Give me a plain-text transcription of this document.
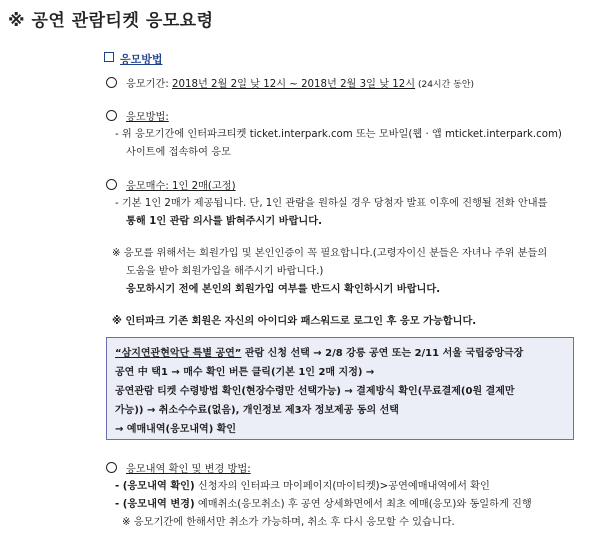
※ 공연 관람티켓 응모요령
응모방법
응모기간: 2018년 2월 2일 낮 12시 ~ 2018년 2월 3일 낮 12시 (24시간 동안)
응모방법:
- 위 응모기간에 인터파크티켓 ticket.interpark.com 또는 모바일(웹 · 앱 mticket.interpark.com)
사이트에 접속하여 응모
응모매수: 1인 2매(고정)
- 기본 1인 2매가 제공됩니다. 단, 1인 관람을 원하실 경우 당첨자 발표 이후에 진행될 전화 안내를
통해 1인 관람 의사를 밝혀주시기 바랍니다.
※ 응모를 위해서는 회원가입 및 본인인증이 꼭 필요합니다.(고령자이신 분들은 자녀나 주위 분들의
도움을 받아 회원가입을 해주시기 바랍니다.)
응모하시기 전에 본인의 회원가입 여부를 반드시 확인하시기 바랍니다.
※ 인터파크 기존 회원은 자신의 아이디와 패스워드로 로그인 후 응모 가능합니다.
“삼지연관현악단 특별 공연” 관람 신청 선택 → 2/8 강릉 공연 또는 2/11 서울 국립중앙극장
공연 中 택1 → 매수 확인 버튼 클릭(기본 1인 2매 지정) →
공연관람 티켓 수령방법 확인(현장수령만 선택가능) → 결제방식 확인(무료결제(0원 결제만
가능)) → 취소수수료(없음), 개인정보 제3자 정보제공 동의 선택
→ 예매내역(응모내역) 확인
응모내역 확인 및 변경 방법:
- (응모내역 확인) 신청자의 인터파크 마이페이지(마이티켓)>공연예매내역에서 확인
- (응모내역 변경) 예매취소(응모취소) 후 공연 상세화면에서 최초 예매(응모)와 동일하게 진행
※ 응모기간에 한해서만 취소가 가능하며, 취소 후 다시 응모할 수 있습니다.
